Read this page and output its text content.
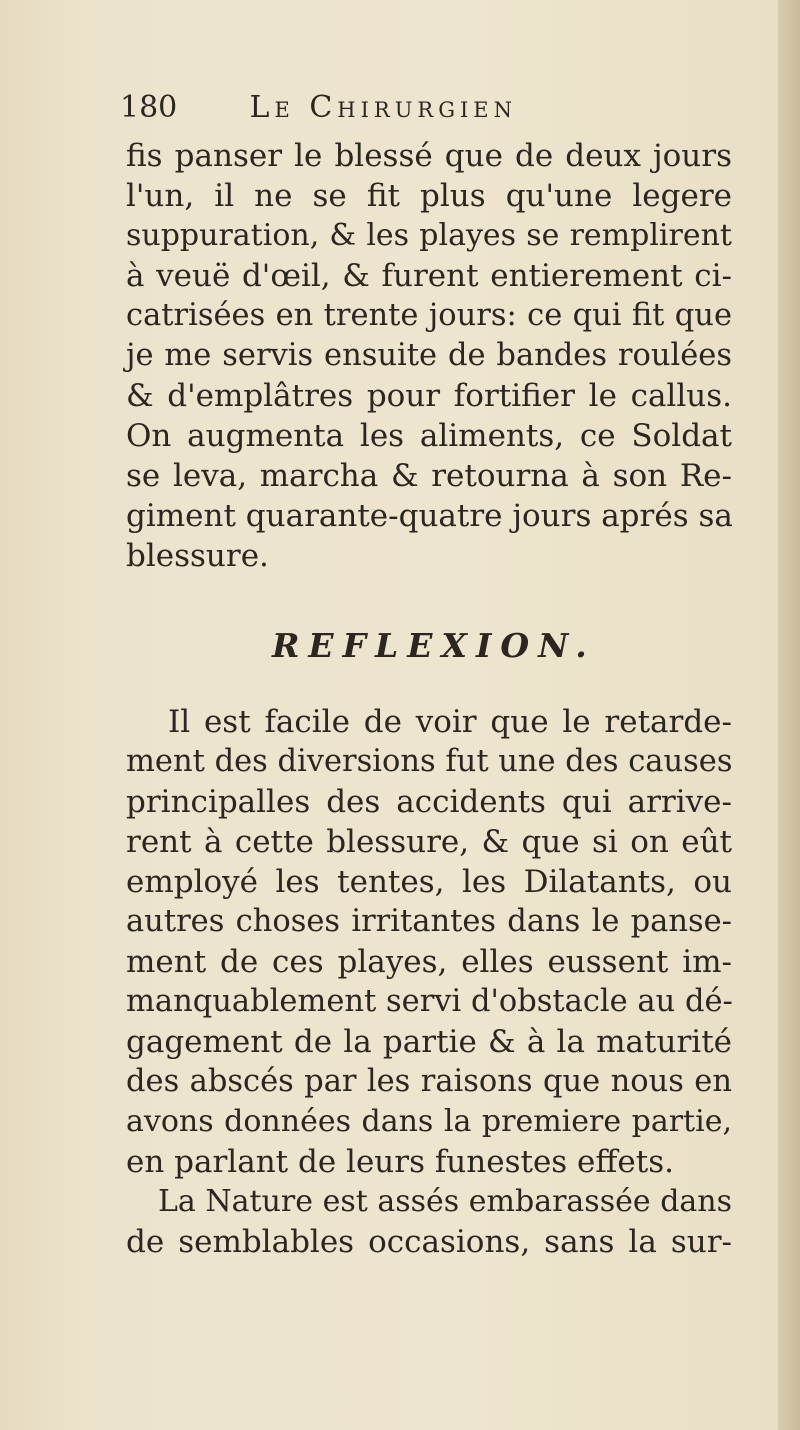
180 Le Chirurgien
fis panser le blessé que de deux jours
l'un, il ne se fit plus qu'une legere
suppuration, & les playes se remplirent
à veuë d'œil, & furent entierement ci-
catrisées en trente jours: ce qui fit que
je me servis ensuite de bandes roulées
& d'emplâtres pour fortifier le callus.
On augmenta les aliments, ce Soldat
se leva, marcha & retourna à son Re-
giment quarante-quatre jours aprés sa
blessure.
REFLEXION.
Il est facile de voir que le retarde-
ment des diversions fut une des causes
principalles des accidents qui arrive-
rent à cette blessure, & que si on eût
employé les tentes, les Dilatants, ou
autres choses irritantes dans le panse-
ment de ces playes, elles eussent im-
manquablement servi d'obstacle au dé-
gagement de la partie & à la maturité
des abscés par les raisons que nous en
avons données dans la premiere partie,
en parlant de leurs funestes effets.
La Nature est assés embarassée dans
de semblables occasions, sans la sur-
